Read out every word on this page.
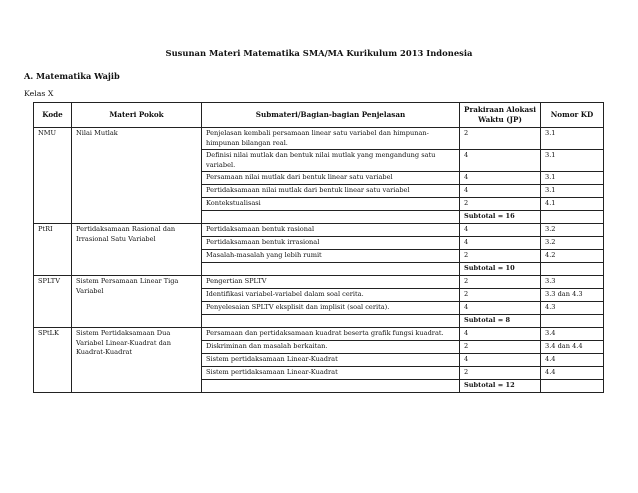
Susunan Materi Matematika SMA/MA Kurikulum 2013 Indonesia
A. Matematika Wajib
Kelas X
Kode	Materi Pokok	Submateri/Bagian-bagian Penjelasan	Prakiraan Alokasi Waktu (JP)	Nomor KD
NMU	Nilai Mutlak	Penjelasan kembali persamaan linear satu variabel dan himpunan-himpunan bilangan real.	2	3.1
		Definisi nilai mutlak dan bentuk nilai mutlak yang mengandung satu variabel.	4	3.1
		Persamaan nilai mutlak dari bentuk linear satu variabel	4	3.1
		Pertidaksamaan nilai mutlak dari bentuk linear satu variabel	4	3.1
		Kontekstualisasi	2	4.1
			Subtotal = 16	
PtRI	Pertidaksamaan Rasional dan Irrasional Satu Variabel	Pertidaksamaan bentuk rasional	4	3.2
		Pertidaksamaan bentuk irrasional	4	3.2
		Masalah-masalah yang lebih rumit	2	4.2
			Subtotal = 10	
SPLTV	Sistem Persamaan Linear Tiga Variabel	Pengertian SPLTV	2	3.3
		Identifikasi variabel-variabel dalam soal cerita.	2	3.3 dan 4.3
		Penyelesaian SPLTV eksplisit dan implisit (soal cerita).	4	4.3
			Subtotal = 8	
SPtLK	Sistem Pertidaksamaan Dua Variabel Linear-Kuadrat dan Kuadrat-Kuadrat	Persamaan dan pertidaksamaan kuadrat beserta grafik fungsi kuadrat.	4	3.4
		Diskriminan dan masalah berkaitan.	2	3.4 dan 4.4
		Sistem pertidaksamaan Linear-Kuadrat	4	4.4
		Sistem pertidaksamaan Linear-Kuadrat	2	4.4
			Subtotal = 12	
